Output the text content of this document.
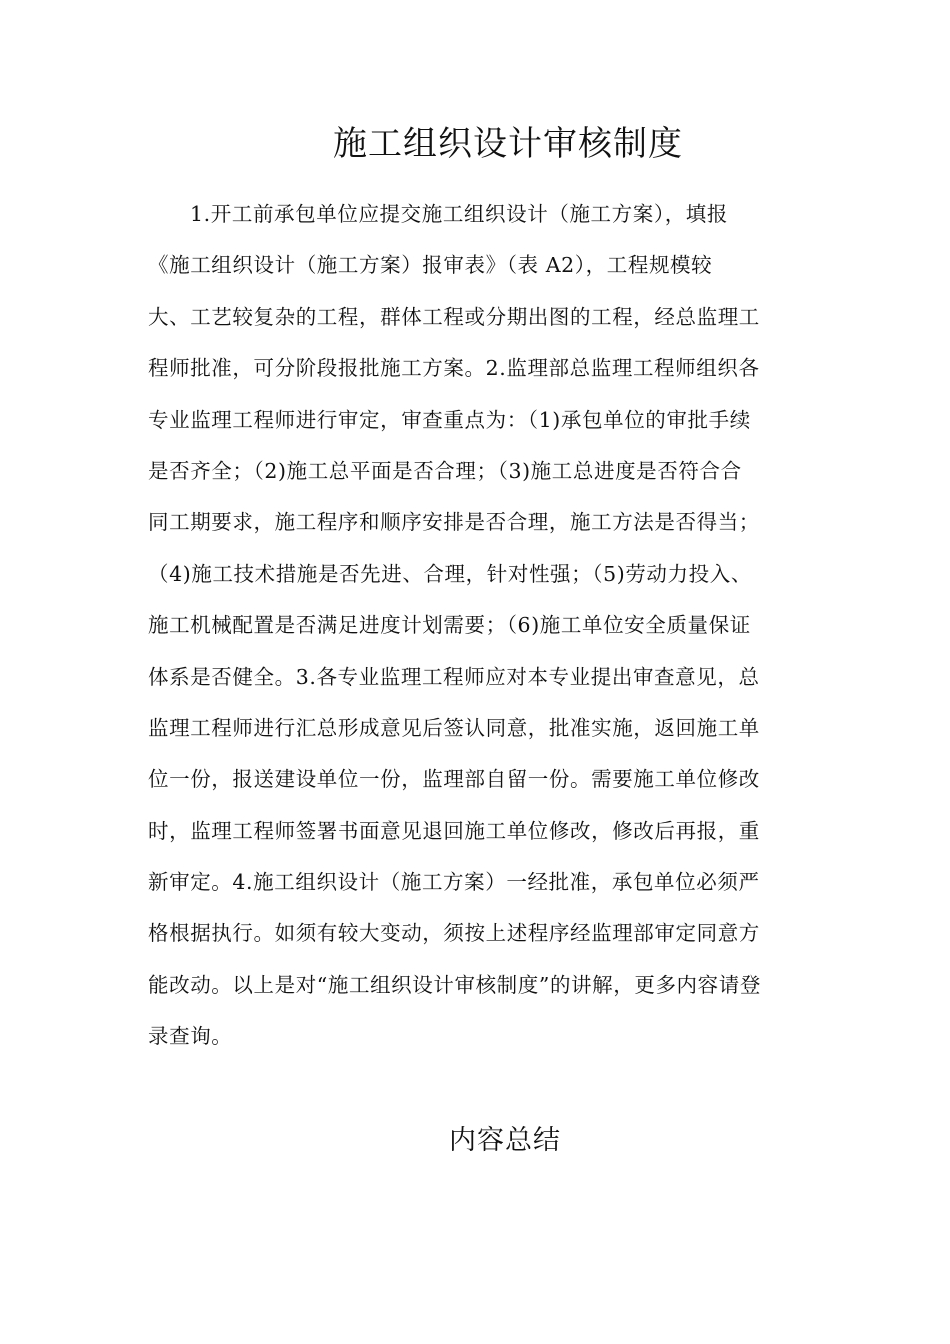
施工组织设计审核制度
1.开工前承包单位应提交施工组织设计（施工方案），填报
《施工组织设计（施工方案）报审表》（表 A2），工程规模较
大、工艺较复杂的工程，群体工程或分期出图的工程，经总监理工
程师批准，可分阶段报批施工方案。2.监理部总监理工程师组织各
专业监理工程师进行审定，审查重点为：（1)承包单位的审批手续
是否齐全；（2)施工总平面是否合理；（3)施工总进度是否符合合
同工期要求，施工程序和顺序安排是否合理，施工方法是否得当；
（4)施工技术措施是否先进、合理，针对性强；（5)劳动力投入、
施工机械配置是否满足进度计划需要；（6)施工单位安全质量保证
体系是否健全。3.各专业监理工程师应对本专业提出审查意见，总
监理工程师进行汇总形成意见后签认同意，批准实施，返回施工单
位一份，报送建设单位一份，监理部自留一份。需要施工单位修改
时，监理工程师签署书面意见退回施工单位修改，修改后再报，重
新审定。4.施工组织设计（施工方案）一经批准，承包单位必须严
格根据执行。如须有较大变动，须按上述程序经监理部审定同意方
能改动。以上是对“施工组织设计审核制度”的讲解，更多内容请登
录查询。
内容总结
